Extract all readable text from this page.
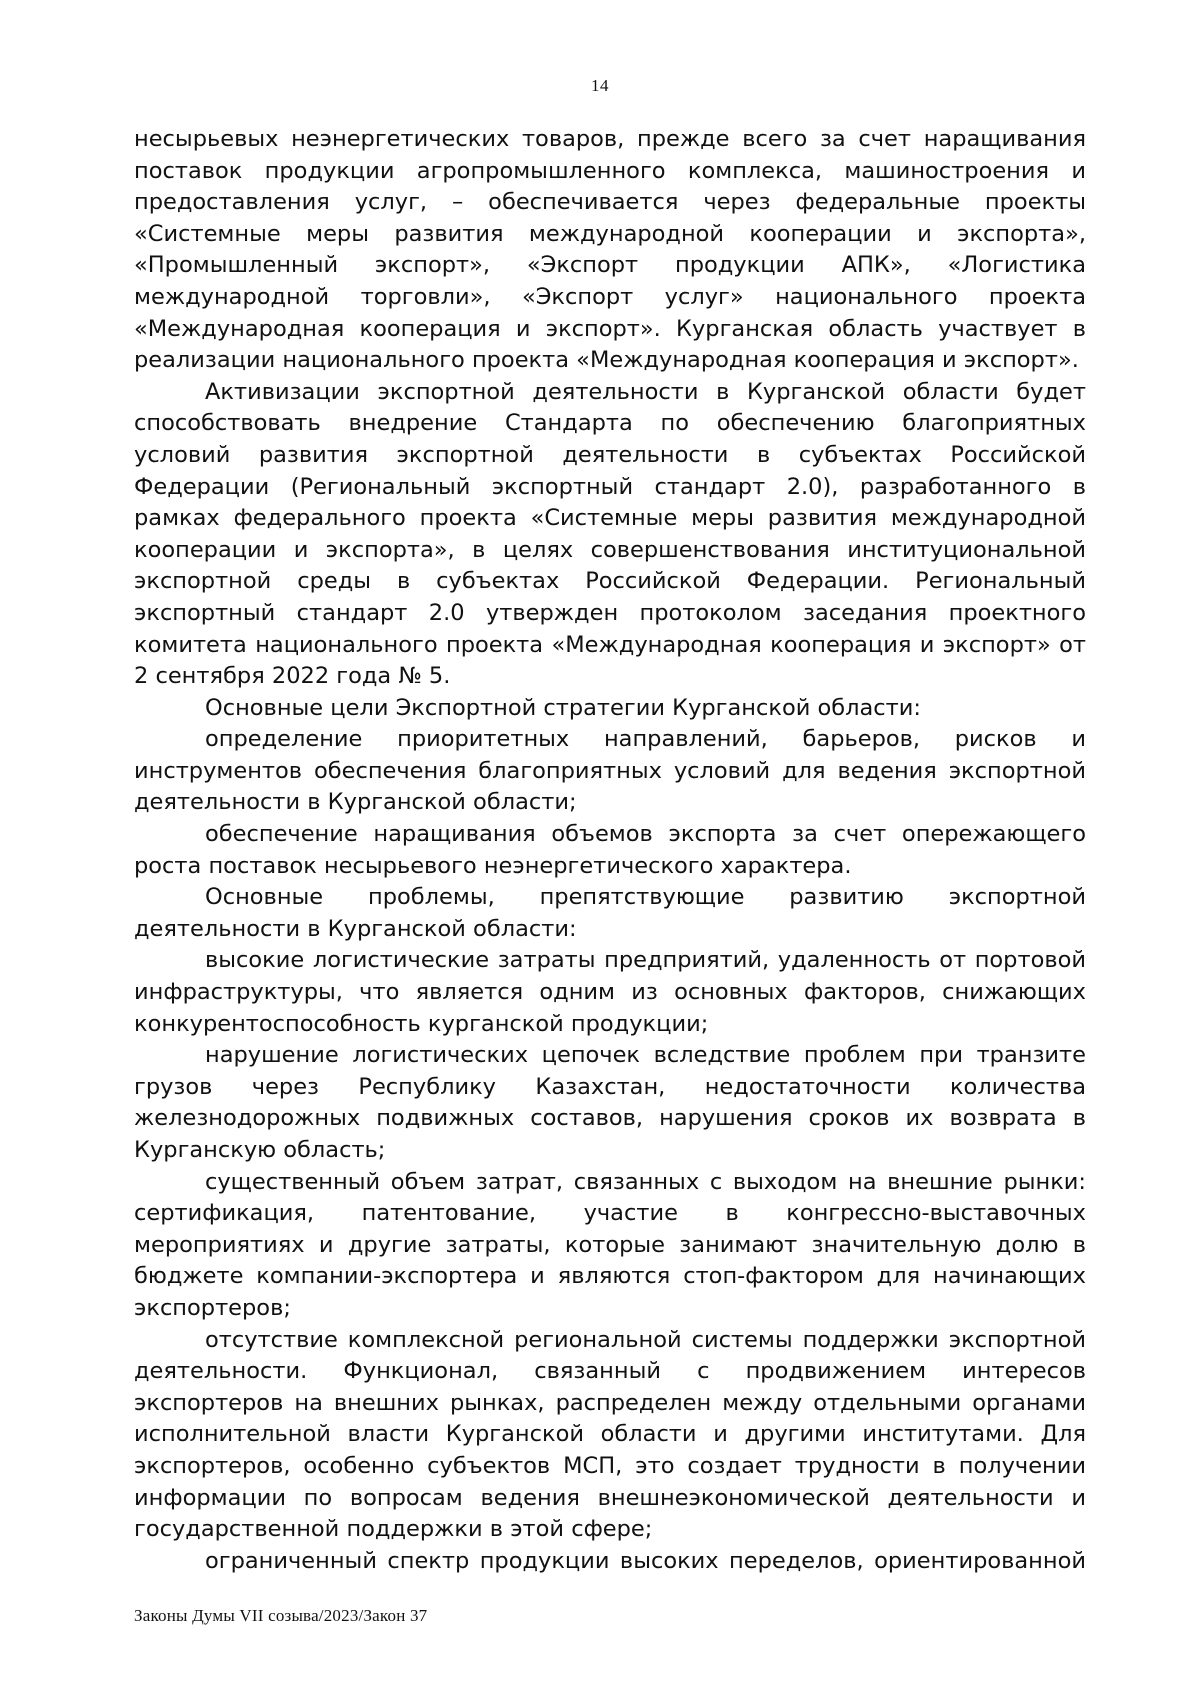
14

несырьевых неэнергетических товаров, прежде всего за счет наращивания поставок продукции агропромышленного комплекса, машиностроения и предоставления услуг, – обеспечивается через федеральные проекты «Системные меры развития международной кооперации и экспорта», «Промышленный экспорт», «Экспорт продукции АПК», «Логистика международной торговли», «Экспорт услуг» национального проекта «Международная кооперация и экспорт». Курганская область участвует в реализации национального проекта «Международная кооперация и экспорт».

Активизации экспортной деятельности в Курганской области будет способствовать внедрение Стандарта по обеспечению благоприятных условий развития экспортной деятельности в субъектах Российской Федерации (Региональный экспортный стандарт 2.0), разработанного в рамках федерального проекта «Системные меры развития международной кооперации и экспорта», в целях совершенствования институциональной экспортной среды в субъектах Российской Федерации. Региональный экспортный стандарт 2.0 утвержден протоколом заседания проектного комитета национального проекта «Международная кооперация и экспорт» от 2 сентября 2022 года № 5.

Основные цели Экспортной стратегии Курганской области:

определение приоритетных направлений, барьеров, рисков и инструментов обеспечения благоприятных условий для ведения экспортной деятельности в Курганской области;

обеспечение наращивания объемов экспорта за счет опережающего роста поставок несырьевого неэнергетического характера.

Основные проблемы, препятствующие развитию экспортной деятельности в Курганской области:

высокие логистические затраты предприятий, удаленность от портовой инфраструктуры, что является одним из основных факторов, снижающих конкурентоспособность курганской продукции;

нарушение логистических цепочек вследствие проблем при транзите грузов через Республику Казахстан, недостаточности количества железнодорожных подвижных составов, нарушения сроков их возврата в Курганскую область;

существенный объем затрат, связанных с выходом на внешние рынки: сертификация, патентование, участие в конгрессно-выставочных мероприятиях и другие затраты, которые занимают значительную долю в бюджете компании-экспортера и являются стоп-фактором для начинающих экспортеров;

отсутствие комплексной региональной системы поддержки экспортной деятельности. Функционал, связанный с продвижением интересов экспортеров на внешних рынках, распределен между отдельными органами исполнительной власти Курганской области и другими институтами. Для экспортеров, особенно субъектов МСП, это создает трудности в получении информации по вопросам ведения внешнеэкономической деятельности и государственной поддержки в этой сфере;

ограниченный спектр продукции высоких переделов, ориентированной

Законы Думы VII созыва/2023/Закон 37
